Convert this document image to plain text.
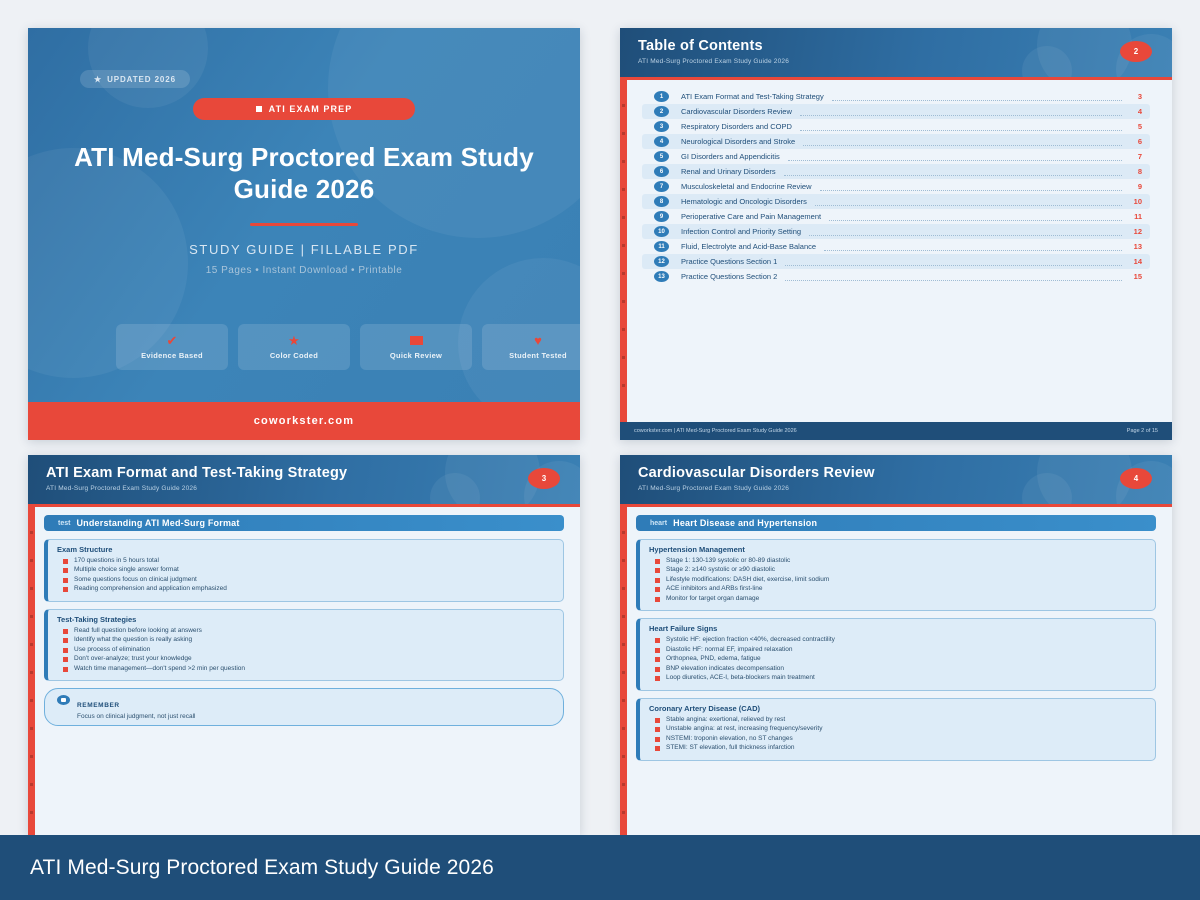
★ UPDATED 2026
ATI EXAM PREP
ATI Med-Surg Proctored Exam Study Guide 2026
STUDY GUIDE | FILLABLE PDF
15 Pages • Instant Download • Printable
✔
Evidence Based
★
Color Coded	Quick Review
♥
Student Tested
coworkster.com
Table of Contents
ATI Med-Surg Proctored Exam Study Guide 2026
2
1	ATI Exam Format and Test-Taking Strategy	3
2	Cardiovascular Disorders Review	4
3	Respiratory Disorders and COPD	5
4	Neurological Disorders and Stroke	6
5	GI Disorders and Appendicitis	7
6	Renal and Urinary Disorders	8
7	Musculoskeletal and Endocrine Review	9
8	Hematologic and Oncologic Disorders	10
9	Perioperative Care and Pain Management	11
10	Infection Control and Priority Setting	12
11	Fluid, Electrolyte and Acid-Base Balance	13
12	Practice Questions Section 1	14
13	Practice Questions Section 2	15
coworkster.com | ATI Med-Surg Proctored Exam Study Guide 2026	Page 2 of 15
ATI Exam Format and Test-Taking Strategy
ATI Med-Surg Proctored Exam Study Guide 2026
3
test Understanding ATI Med-Surg Format
Exam Structure
170 questions in 5 hours total
Multiple choice single answer format
Some questions focus on clinical judgment
Reading comprehension and application emphasized
Test-Taking Strategies
Read full question before looking at answers
Identify what the question is really asking
Use process of elimination
Don't over-analyze; trust your knowledge
Watch time management—don't spend >2 min per question
REMEMBER
Focus on clinical judgment, not just recall
Cardiovascular Disorders Review
ATI Med-Surg Proctored Exam Study Guide 2026
4
heart Heart Disease and Hypertension
Hypertension Management
Stage 1: 130-139 systolic or 80-89 diastolic
Stage 2: ≥140 systolic or ≥90 diastolic
Lifestyle modifications: DASH diet, exercise, limit sodium
ACE inhibitors and ARBs first-line
Monitor for target organ damage
Heart Failure Signs
Systolic HF: ejection fraction <40%, decreased contractility
Diastolic HF: normal EF, impaired relaxation
Orthopnea, PND, edema, fatigue
BNP elevation indicates decompensation
Loop diuretics, ACE-I, beta-blockers main treatment
Coronary Artery Disease (CAD)
Stable angina: exertional, relieved by rest
Unstable angina: at rest, increasing frequency/severity
NSTEMI: troponin elevation, no ST changes
STEMI: ST elevation, full thickness infarction
ATI Med-Surg Proctored Exam Study Guide 2026
